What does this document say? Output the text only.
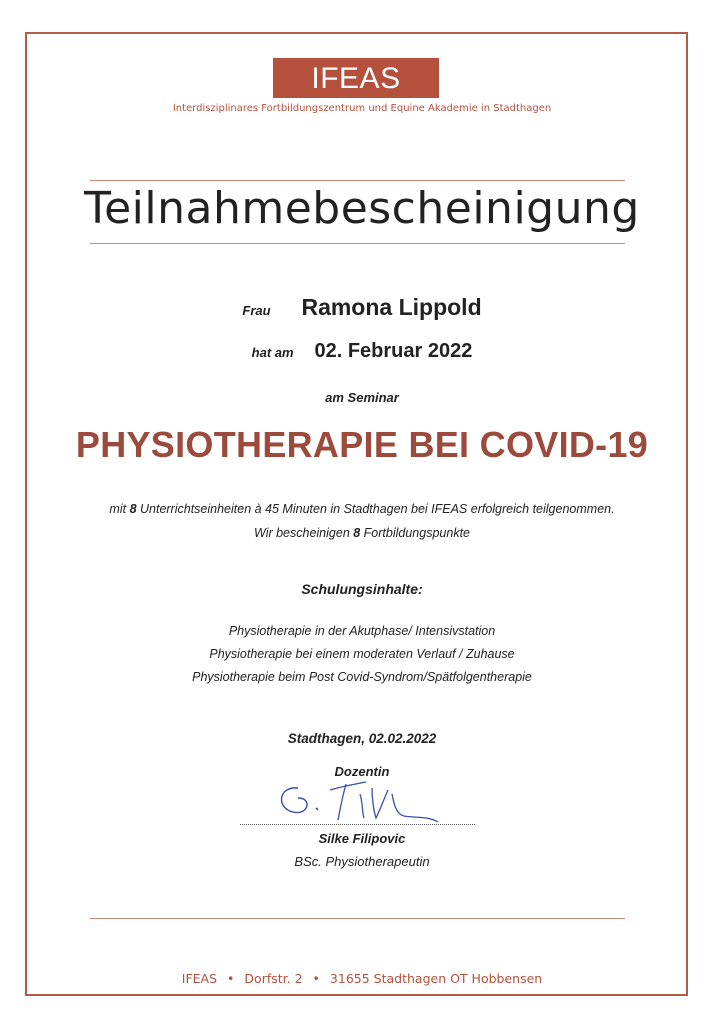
IFEAS
Interdisziplinares Fortbildungszentrum und Equine Akademie in Stadthagen
Teilnahmebescheinigung
Frau Ramona Lippold
hat am 02. Februar 2022
am Seminar
PHYSIOTHERAPIE BEI COVID-19
mit 8 Unterrichtseinheiten à 45 Minuten in Stadthagen bei IFEAS erfolgreich teilgenommen.
Wir bescheinigen 8 Fortbildungspunkte
Schulungsinhalte:
Physiotherapie in der Akutphase/ Intensivstation
Physiotherapie bei einem moderaten Verlauf / Zuhause
Physiotherapie beim Post Covid-Syndrom/Spätfolgentherapie
Stadthagen, 02.02.2022
Dozentin
Silke Filipovic
BSc. Physiotherapeutin
IFEAS • Dorfstr. 2 • 31655 Stadthagen OT Hobbensen
